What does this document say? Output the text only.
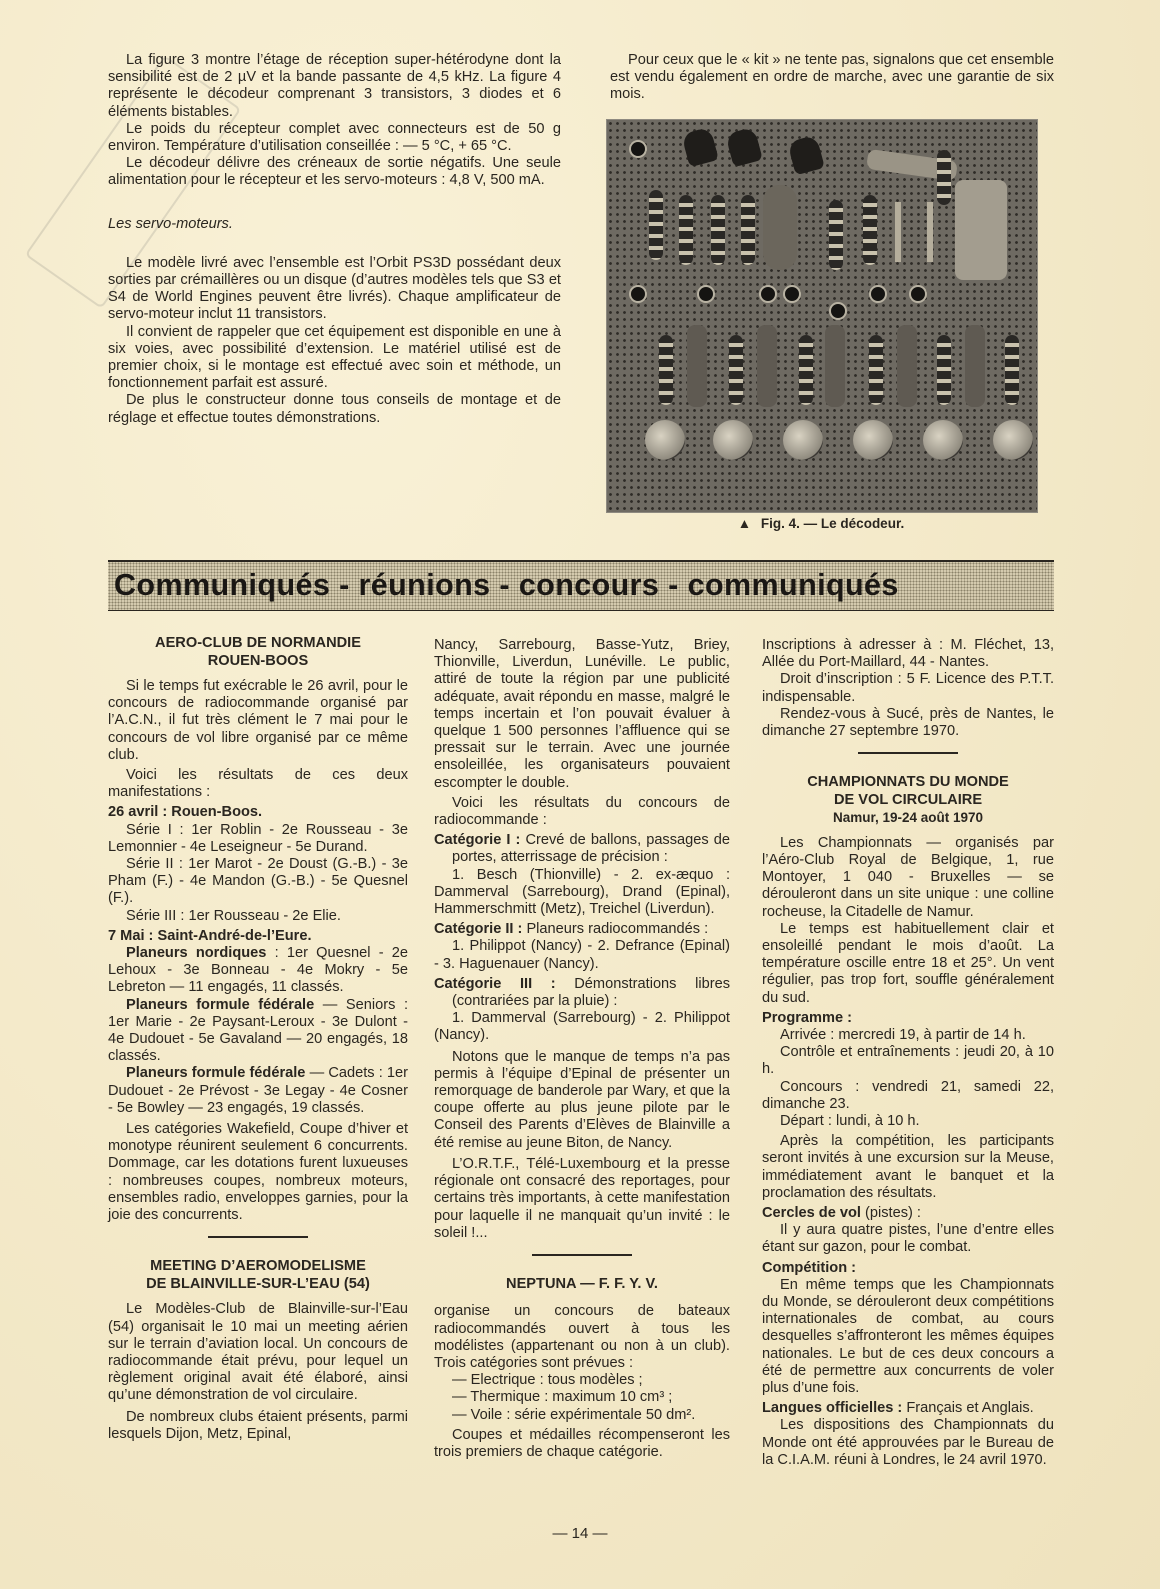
La figure 3 montre l’étage de réception super-hétérodyne dont la sensibilité est de 2 µV et la bande passante de 4,5 kHz. La figure 4 représente le décodeur comprenant 3 transistors, 3 diodes et 6 éléments bistables.

Le poids du récepteur complet avec connecteurs est de 50 g environ. Température d’utilisation conseillée : — 5 °C, + 65 °C.

Le décodeur délivre des créneaux de sortie négatifs. Une seule alimentation pour le récepteur et les servo-moteurs : 4,8 V, 500 mA.

Les servo-moteurs.

Le modèle livré avec l’ensemble est l’Orbit PS3D possédant deux sorties par crémaillères ou un disque (d’autres modèles tels que S3 et S4 de World Engines peuvent être livrés). Chaque amplificateur de servo-moteur inclut 11 transistors.

Il convient de rappeler que cet équipement est disponible en une à six voies, avec possibilité d’extension. Le matériel utilisé est de premier choix, si le montage est effectué avec soin et méthode, un fonctionnement parfait est assuré.

De plus le constructeur donne tous conseils de montage et de réglage et effectue toutes démonstrations.

Pour ceux que le « kit » ne tente pas, signalons que cet ensemble est vendu également en ordre de marche, avec une garantie de six mois.

▲ Fig. 4. — Le décodeur.
Communiqués - réunions - concours - communiqués
AERO-CLUB DE NORMANDIE
ROUEN-BOOS

Si le temps fut exécrable le 26 avril, pour le concours de radiocommande organisé par l’A.C.N., il fut très clément le 7 mai pour le concours de vol libre organisé par ce même club.

Voici les résultats de ces deux manifestations :

26 avril : Rouen-Boos.

Série I : 1er Roblin - 2e Rousseau - 3e Lemonnier - 4e Leseigneur - 5e Durand.

Série II : 1er Marot - 2e Doust (G.-B.) - 3e Pham (F.) - 4e Mandon (G.-B.) - 5e Quesnel (F.).

Série III : 1er Rousseau - 2e Elie.

7 Mai : Saint-André-de-l’Eure.

Planeurs nordiques : 1er Quesnel - 2e Lehoux - 3e Bonneau - 4e Mokry - 5e Lebreton — 11 engagés, 11 classés.

Planeurs formule fédérale — Seniors : 1er Marie - 2e Paysant-Leroux - 3e Dulont - 4e Dudouet - 5e Gavaland — 20 engagés, 18 classés.

Planeurs formule fédérale — Cadets : 1er Dudouet - 2e Prévost - 3e Legay - 4e Cosner - 5e Bowley — 23 engagés, 19 classés.

Les catégories Wakefield, Coupe d’hiver et monotype réunirent seulement 6 concurrents. Dommage, car les dotations furent luxueuses : nombreuses coupes, nombreux moteurs, ensembles radio, enveloppes garnies, pour la joie des concurrents.

MEETING D’AEROMODELISME
DE BLAINVILLE-SUR-L’EAU (54)

Le Modèles-Club de Blainville-sur-l’Eau (54) organisait le 10 mai un meeting aérien sur le terrain d’aviation local. Un concours de radiocommande était prévu, pour lequel un règlement original avait été élaboré, ainsi qu’une démonstration de vol circulaire.

De nombreux clubs étaient présents, parmi lesquels Dijon, Metz, Epinal,

Nancy, Sarrebourg, Basse-Yutz, Briey, Thionville, Liverdun, Lunéville. Le public, attiré de toute la région par une publicité adéquate, avait répondu en masse, malgré le temps incertain et l’on pouvait évaluer à quelque 1 500 personnes l’affluence qui se pressait sur le terrain. Avec une journée ensoleillée, les organisateurs pouvaient escompter le double.

Voici les résultats du concours de radiocommande :

Catégorie I : Crevé de ballons, passages de portes, atterrissage de précision :

1. Besch (Thionville) - 2. ex-æquo : Dammerval (Sarrebourg), Drand (Epinal), Hammerschmitt (Metz), Treichel (Liverdun).

Catégorie II : Planeurs radiocommandés :

1. Philippot (Nancy) - 2. Defrance (Epinal) - 3. Haguenauer (Nancy).

Catégorie III : Démonstrations libres (contrariées par la pluie) :

1. Dammerval (Sarrebourg) - 2. Philippot (Nancy).

Notons que le manque de temps n’a pas permis à l’équipe d’Epinal de présenter un remorquage de banderole par Wary, et que la coupe offerte au plus jeune pilote par le Conseil des Parents d’Elèves de Blainville a été remise au jeune Biton, de Nancy.

L’O.R.T.F., Télé-Luxembourg et la presse régionale ont consacré des reportages, pour certains très importants, à cette manifestation pour laquelle il ne manquait qu’un invité : le soleil !...

NEPTUNA — F. F. Y. V.

organise un concours de bateaux radiocommandés ouvert à tous les modélistes (appartenant ou non à un club). Trois catégories sont prévues :

— Electrique : tous modèles ;

— Thermique : maximum 10 cm³ ;

— Voile : série expérimentale 50 dm².

Coupes et médailles récompenseront les trois premiers de chaque catégorie.

Inscriptions à adresser à : M. Fléchet, 13, Allée du Port-Maillard, 44 - Nantes.

Droit d’inscription : 5 F. Licence des P.T.T. indispensable.

Rendez-vous à Sucé, près de Nantes, le dimanche 27 septembre 1970.

CHAMPIONNATS DU MONDE
DE VOL CIRCULAIRE
Namur, 19-24 août 1970

Les Championnats — organisés par l’Aéro-Club Royal de Belgique, 1, rue Montoyer, 1 040 - Bruxelles — se dérouleront dans un site unique : une colline rocheuse, la Citadelle de Namur.

Le temps est habituellement clair et ensoleillé pendant le mois d’août. La température oscille entre 18 et 25°. Un vent régulier, pas trop fort, souffle généralement du sud.

Programme :

Arrivée : mercredi 19, à partir de 14 h.

Contrôle et entraînements : jeudi 20, à 10 h.

Concours : vendredi 21, samedi 22, dimanche 23.

Départ : lundi, à 10 h.

Après la compétition, les participants seront invités à une excursion sur la Meuse, immédiatement avant le banquet et la proclamation des résultats.

Cercles de vol (pistes) :

Il y aura quatre pistes, l’une d’entre elles étant sur gazon, pour le combat.

Compétition :

En même temps que les Championnats du Monde, se dérouleront deux compétitions internationales de combat, au cours desquelles s’affronteront les mêmes équipes nationales. Le but de ces deux concours a été de permettre aux concurrents de voler plus d’une fois.

Langues officielles : Français et Anglais.

Les dispositions des Championnats du Monde ont été approuvées par le Bureau de la C.I.A.M. réuni à Londres, le 24 avril 1970.

— 14 —
